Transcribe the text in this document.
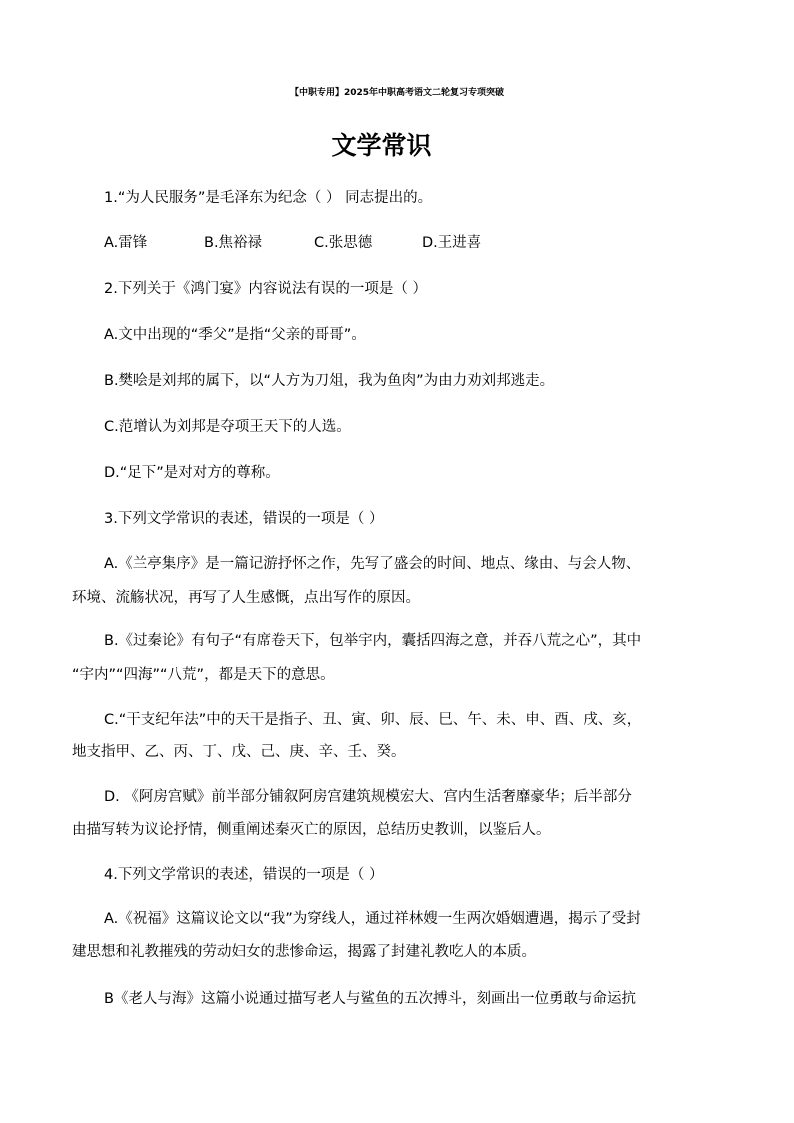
【中职专用】2025年中职高考语文二轮复习专项突破
文学常识
1.“为人民服务”是毛泽东为纪念（ ） 同志提出的。
A.雷锋	B.焦裕禄	C.张思德	D.王进喜
2.下列关于《鸿门宴》内容说法有误的一项是（ ）
A.文中出现的“季父”是指“父亲的哥哥”。
B.樊哙是刘邦的属下，以“人方为刀俎，我为鱼肉”为由力劝刘邦逃走。
C.范增认为刘邦是夺项王天下的人选。
D.“足下”是对对方的尊称。
3.下列文学常识的表述，错误的一项是（ ）
A.《兰亭集序》是一篇记游抒怀之作，先写了盛会的时间、地点、缘由、与会人物、
环境、流觞状况，再写了人生感慨，点出写作的原因。
B.《过秦论》有句子“有席卷天下，包举宇内，囊括四海之意，并吞八荒之心”，其中
“宇内”“四海”“八荒”，都是天下的意思。
C.“干支纪年法”中的天干是指子、丑、寅、卯、辰、巳、午、未、申、酉、戌、亥，
地支指甲、乙、丙、丁、戊、己、庚、辛、壬、癸。
D. 《阿房宫赋》前半部分铺叙阿房宫建筑规模宏大、宫内生活奢靡豪华；后半部分
由描写转为议论抒情，侧重阐述秦灭亡的原因，总结历史教训，以鉴后人。
4.下列文学常识的表述，错误的一项是（ ）
A.《祝福》这篇议论文以“我”为穿线人，通过祥林嫂一生两次婚姻遭遇，揭示了受封
建思想和礼教摧残的劳动妇女的悲惨命运，揭露了封建礼教吃人的本质。
B《老人与海》这篇小说通过描写老人与鲨鱼的五次搏斗，刻画出一位勇敢与命运抗
